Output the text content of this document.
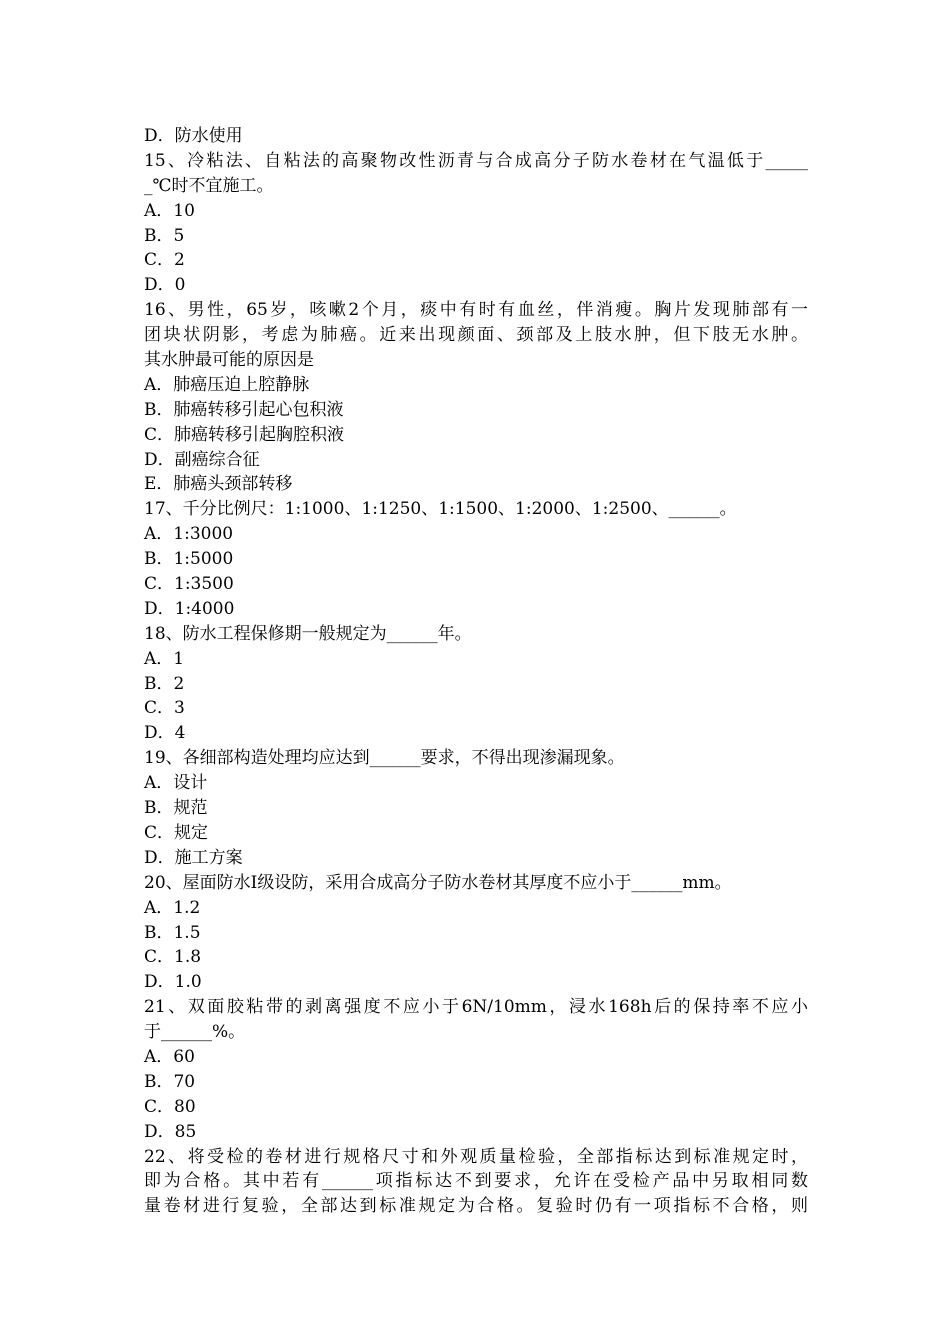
D．防水使用
15、冷粘法、自粘法的高聚物改性沥青与合成高分子防水卷材在气温低于_____
_℃时不宜施工。
A．10
B．5
C．2
D．0
16、男性，65岁，咳嗽2个月，痰中有时有血丝，伴消瘦。胸片发现肺部有一
团块状阴影，考虑为肺癌。近来出现颜面、颈部及上肢水肿，但下肢无水肿。
其水肿最可能的原因是
A．肺癌压迫上腔静脉
B．肺癌转移引起心包积液
C．肺癌转移引起胸腔积液
D．副癌综合征
E．肺癌头颈部转移
17、千分比例尺：1:1000、1:1250、1:1500、1:2000、1:2500、______。
A．1:3000
B．1:5000
C．1:3500
D．1:4000
18、防水工程保修期一般规定为______年。
A．1
B．2
C．3
D．4
19、各细部构造处理均应达到______要求，不得出现渗漏现象。
A．设计
B．规范
C．规定
D．施工方案
20、屋面防水Ⅰ级设防，采用合成高分子防水卷材其厚度不应小于______mm。
A．1.2
B．1.5
C．1.8
D．1.0
21、双面胶粘带的剥离强度不应小于6N/10mm，浸水168h后的保持率不应小
于______%。
A．60
B．70
C．80
D．85
22、将受检的卷材进行规格尺寸和外观质量检验，全部指标达到标准规定时，
即为合格。其中若有______项指标达不到要求，允许在受检产品中另取相同数
量卷材进行复验，全部达到标准规定为合格。复验时仍有一项指标不合格，则
